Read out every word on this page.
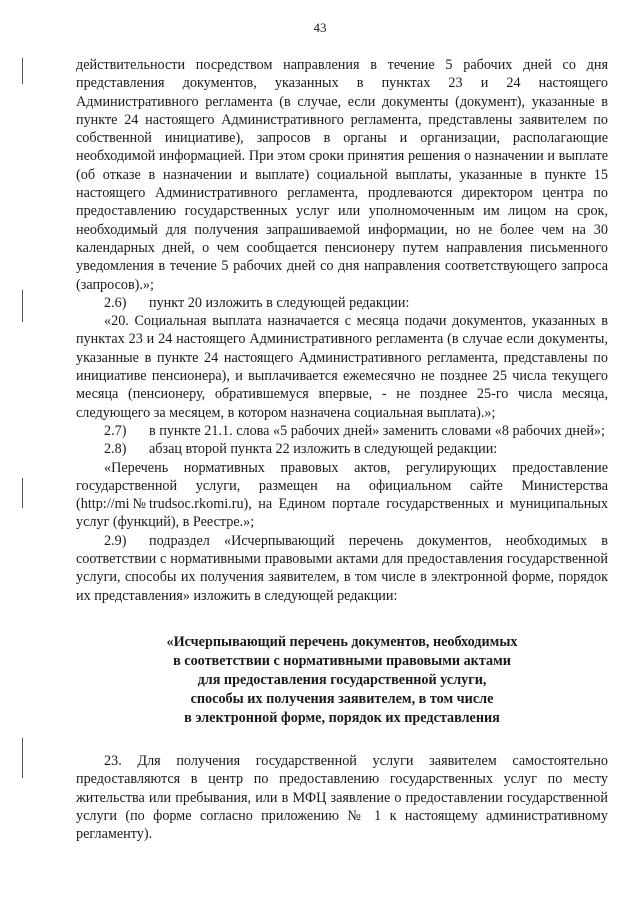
43

действительности посредством направления в течение 5 рабочих дней со дня представления документов, указанных в пунктах 23 и 24 настоящего Административного регламента (в случае, если документы (документ), указанные в пункте 24 настоящего Административного регламента, представлены заявителем по собственной инициативе), запросов в органы и организации, располагающие необходимой информацией. При этом сроки принятия решения о назначении и выплате (об отказе в назначении и выплате) социальной выплаты, указанные в пункте 15 настоящего Административного регламента, продлеваются директором центра по предоставлению государственных услуг или уполномоченным им лицом на срок, необходимый для получения запрашиваемой информации, но не более чем на 30 календарных дней, о чем сообщается пенсионеру путем направления письменного уведомления в течение 5 рабочих дней со дня направления соответствующего запроса (запросов).»;

2.6) пункт 20 изложить в следующей редакции:

«20. Социальная выплата назначается с месяца подачи документов, указанных в пунктах 23 и 24 настоящего Административного регламента (в случае если документы, указанные в пункте 24 настоящего Административного регламента, представлены по инициативе пенсионера), и выплачивается ежемесячно не позднее 25 числа текущего месяца (пенсионеру, обратившемуся впервые, - не позднее 25-го числа месяца, следующего за месяцем, в котором назначена социальная выплата).»;

2.7) в пункте 21.1. слова «5 рабочих дней» заменить словами «8 рабочих дней»;

2.8) абзац второй пункта 22 изложить в следующей редакции:

«Перечень нормативных правовых актов, регулирующих предоставление государственной услуги, размещен на официальном сайте Министерства (http://mi№trudsoc.rkomi.ru), на Едином портале государственных и муниципальных услуг (функций), в Реестре.»;

2.9) подраздел «Исчерпывающий перечень документов, необходимых в соответствии с нормативными правовыми актами для предоставления государственной услуги, способы их получения заявителем, в том числе в электронной форме, порядок их представления» изложить в следующей редакции:

«Исчерпывающий перечень документов, необходимых
в соответствии с нормативными правовыми актами
для предоставления государственной услуги,
способы их получения заявителем, в том числе
в электронной форме, порядок их представления

23. Для получения государственной услуги заявителем самостоятельно предоставляются в центр по предоставлению государственных услуг по месту жительства или пребывания, или в МФЦ заявление о предоставлении государственной услуги (по форме согласно приложению № 1 к настоящему административному регламенту).
